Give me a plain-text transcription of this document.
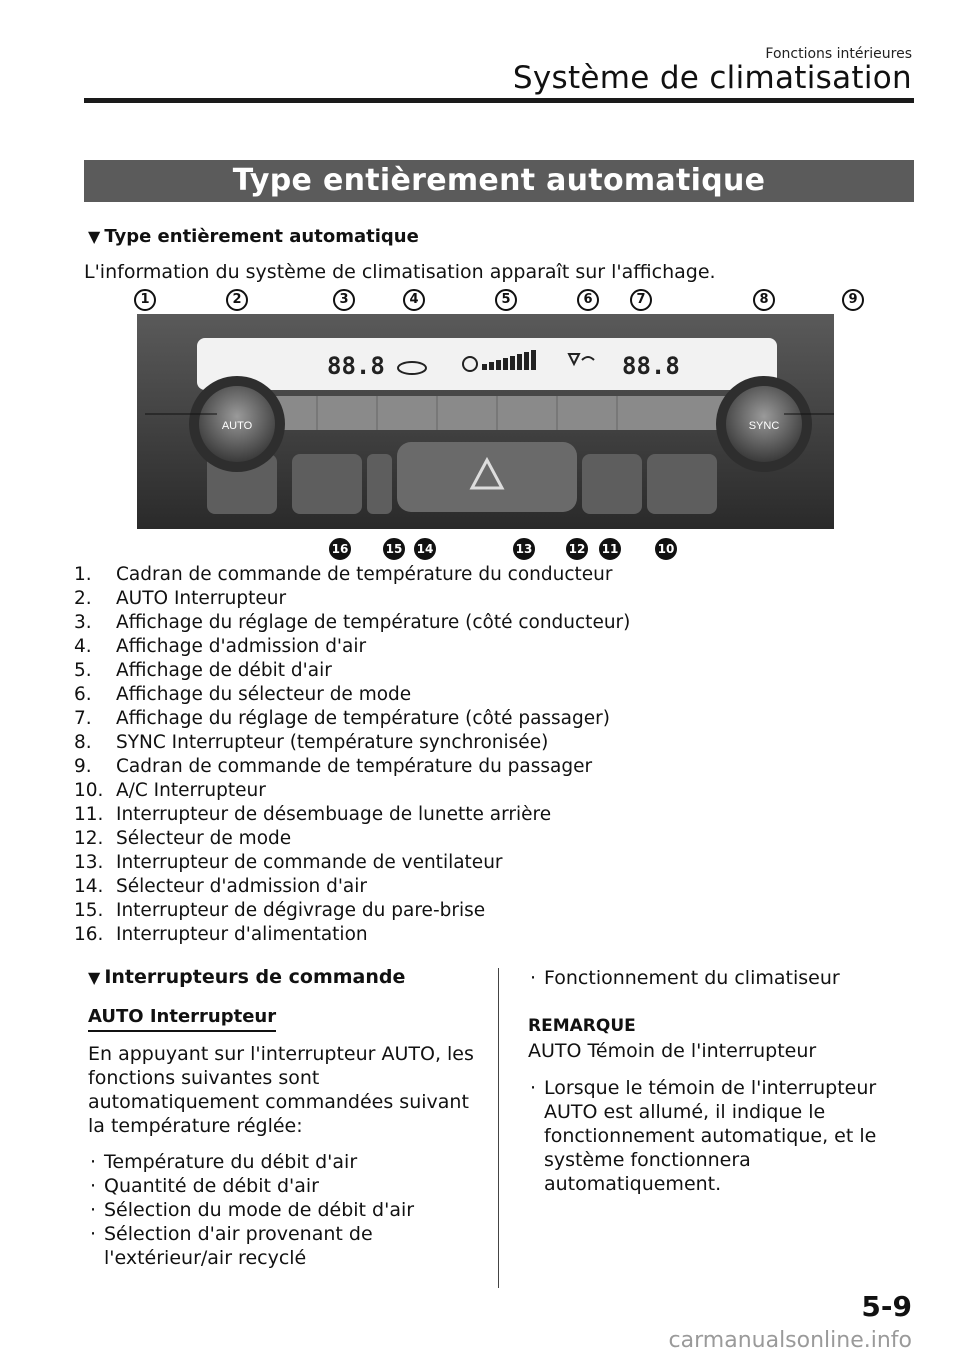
Fonctions intérieures
Système de climatisation
Type entièrement automatique
▼ Type entièrement automatique
L'information du système de climatisation apparaît sur l'affichage.
1	2	3	4	5	6	7	8	9
AUTO	SYNC
88.8	88.8
16	15 14	13	12 11	10
1. Cadran de commande de température du conducteur
2. AUTO Interrupteur
3. Affichage du réglage de température (côté conducteur)
4. Affichage d'admission d'air
5. Affichage de débit d'air
6. Affichage du sélecteur de mode
7. Affichage du réglage de température (côté passager)
8. SYNC Interrupteur (température synchronisée)
9. Cadran de commande de température du passager
10. A/C Interrupteur
11. Interrupteur de désembuage de lunette arrière
12. Sélecteur de mode
13. Interrupteur de commande de ventilateur
14. Sélecteur d'admission d'air
15. Interrupteur de dégivrage du pare-brise
16. Interrupteur d'alimentation
▼ Interrupteurs de commande
AUTO Interrupteur
En appuyant sur l'interrupteur AUTO, les fonctions suivantes sont automatiquement commandées suivant la température réglée:
· Température du débit d'air
· Quantité de débit d'air
· Sélection du mode de débit d'air
· Sélection d'air provenant de l'extérieur/air recyclé
· Fonctionnement du climatiseur
REMARQUE
AUTO Témoin de l'interrupteur
· Lorsque le témoin de l'interrupteur AUTO est allumé, il indique le fonctionnement automatique, et le système fonctionnera automatiquement.
5-9
carmanualsonline.info
